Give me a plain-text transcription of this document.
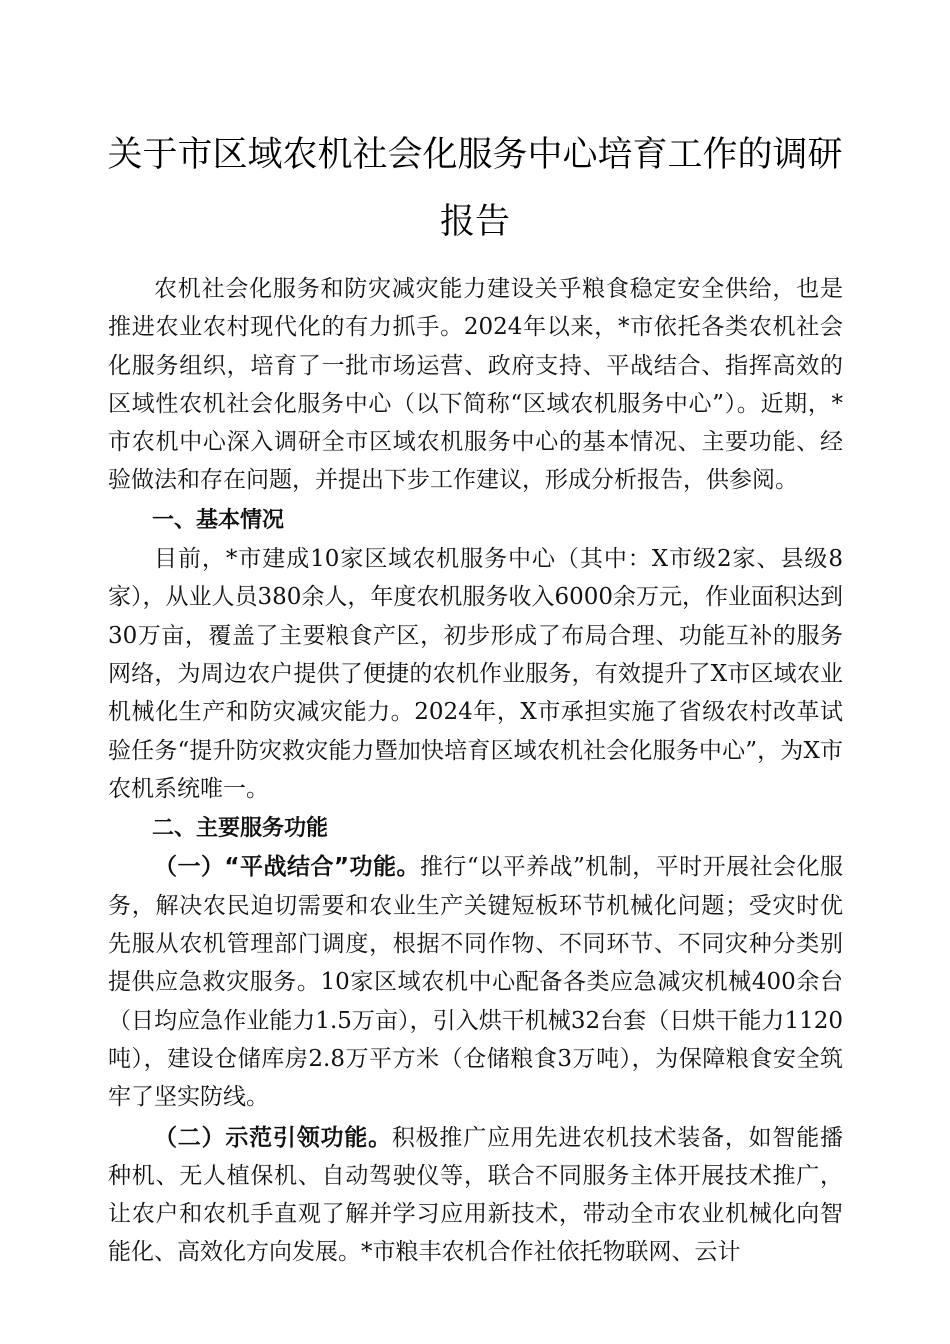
关于市区域农机社会化服务中心培育工作的调研
报告

农机社会化服务和防灾减灾能力建设关乎粮食稳定安全供给，也是推进农业农村现代化的有力抓手。2024年以来，*市依托各类农机社会化服务组织，培育了一批市场运营、政府支持、平战结合、指挥高效的区域性农机社会化服务中心（以下简称“区域农机服务中心”）。近期，*市农机中心深入调研全市区域农机服务中心的基本情况、主要功能、经验做法和存在问题，并提出下步工作建议，形成分析报告，供参阅。

一、基本情况

目前，*市建成10家区域农机服务中心（其中：X市级2家、县级8家），从业人员380余人，年度农机服务收入6000余万元，作业面积达到30万亩，覆盖了主要粮食产区，初步形成了布局合理、功能互补的服务网络，为周边农户提供了便捷的农机作业服务，有效提升了X市区域农业机械化生产和防灾减灾能力。2024年，X市承担实施了省级农村改革试验任务“提升防灾救灾能力暨加快培育区域农机社会化服务中心”，为X市农机系统唯一。

二、主要服务功能

（一）“平战结合”功能。推行“以平养战”机制，平时开展社会化服务，解决农民迫切需要和农业生产关键短板环节机械化问题；受灾时优先服从农机管理部门调度，根据不同作物、不同环节、不同灾种分类别提供应急救灾服务。10家区域农机中心配备各类应急减灾机械400余台（日均应急作业能力1.5万亩），引入烘干机械32台套（日烘干能力1120吨），建设仓储库房2.8万平方米（仓储粮食3万吨），为保障粮食安全筑牢了坚实防线。

（二）示范引领功能。积极推广应用先进农机技术装备，如智能播种机、无人植保机、自动驾驶仪等，联合不同服务主体开展技术推广，让农户和农机手直观了解并学习应用新技术，带动全市农业机械化向智能化、高效化方向发展。*市粮丰农机合作社依托物联网、云计
